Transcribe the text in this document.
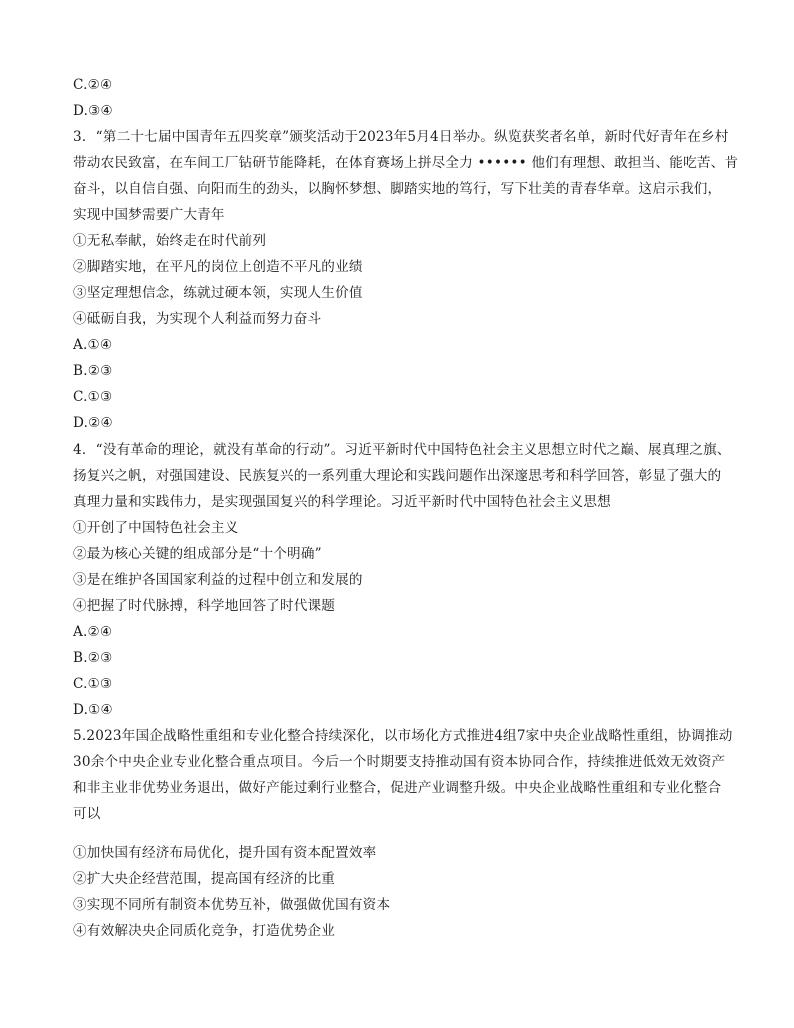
C.②④
D.③④
3．“第二十七届中国青年五四奖章”颁奖活动于2023年5月4日举办。纵览获奖者名单，新时代好青年在乡村
带动农民致富，在车间工厂钻研节能降耗，在体育赛场上拼尽全力 •••••• 他们有理想、敢担当、能吃苦、肯
奋斗，以自信自强、向阳而生的劲头，以胸怀梦想、脚踏实地的笃行，写下壮美的青春华章。这启示我们，
实现中国梦需要广大青年
①无私奉献，始终走在时代前列
②脚踏实地，在平凡的岗位上创造不平凡的业绩
③坚定理想信念，练就过硬本领，实现人生价值
④砥砺自我，为实现个人利益而努力奋斗
A.①④
B.②③
C.①③
D.②④
4．“没有革命的理论，就没有革命的行动”。习近平新时代中国特色社会主义思想立时代之巅、展真理之旗、
扬复兴之帆，对强国建设、民族复兴的一系列重大理论和实践问题作出深邃思考和科学回答，彰显了强大的
真理力量和实践伟力，是实现强国复兴的科学理论。习近平新时代中国特色社会主义思想
①开创了中国特色社会主义
②最为核心关键的组成部分是“十个明确”
③是在维护各国国家利益的过程中创立和发展的
④把握了时代脉搏，科学地回答了时代课题
A.②④
B.②③
C.①③
D.①④
5.2023年国企战略性重组和专业化整合持续深化，以市场化方式推进4组7家中央企业战略性重组，协调推动
30余个中央企业专业化整合重点项目。今后一个时期要支持推动国有资本协同合作，持续推进低效无效资产
和非主业非优势业务退出，做好产能过剩行业整合，促进产业调整升级。中央企业战略性重组和专业化整合
可以
①加快国有经济布局优化，提升国有资本配置效率
②扩大央企经营范围，提高国有经济的比重
③实现不同所有制资本优势互补，做强做优国有资本
④有效解决央企同质化竞争，打造优势企业
